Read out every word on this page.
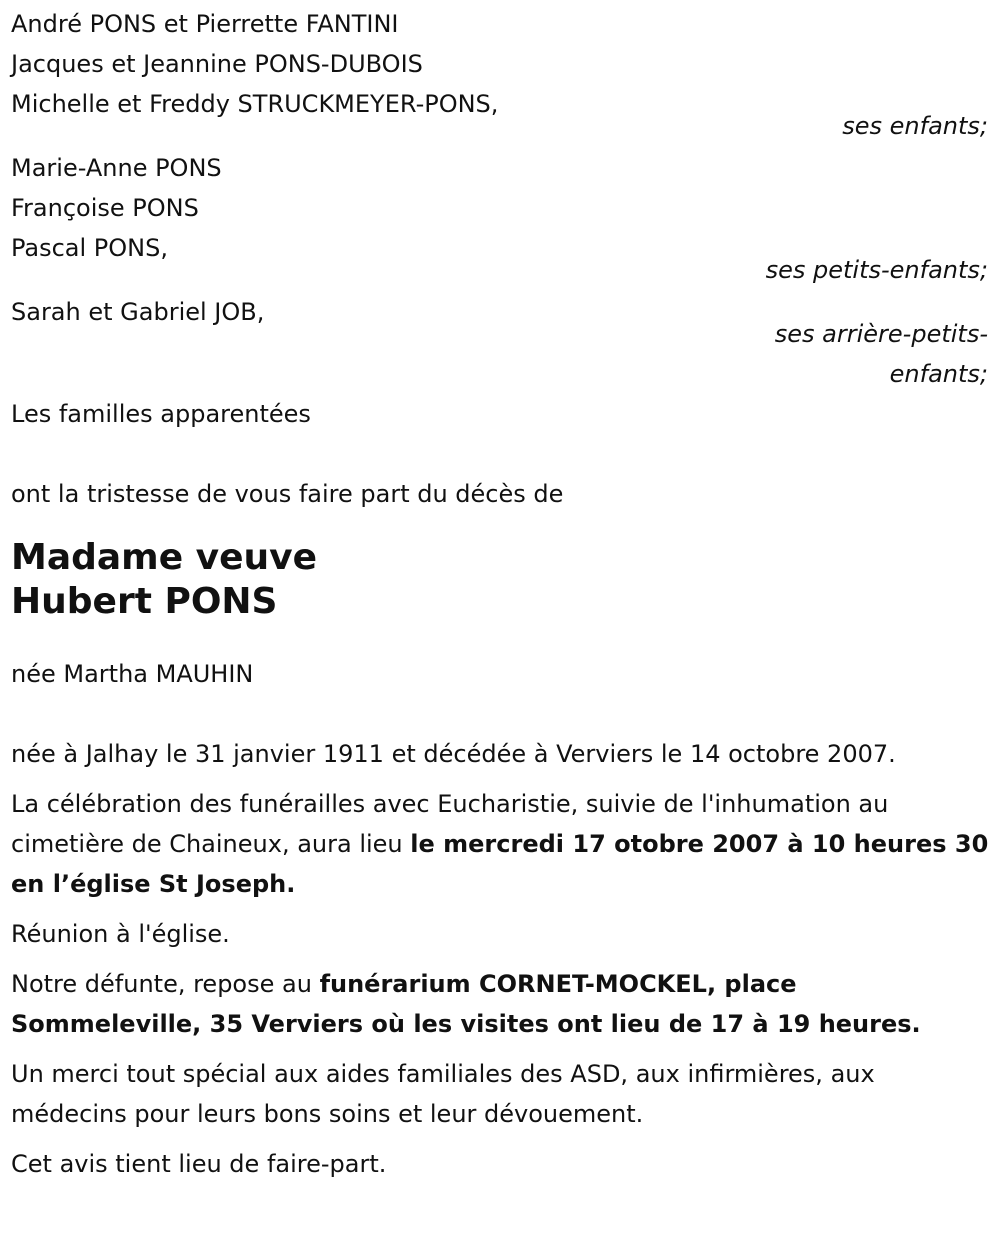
André PONS et Pierrette FANTINI
Jacques et Jeannine PONS-DUBOIS
Michelle et Freddy STRUCKMEYER-PONS,
ses enfants;
Marie-Anne PONS
Françoise PONS
Pascal PONS,
ses petits-enfants;
Sarah et Gabriel JOB,
ses arrière-petits-
enfants;
Les familles apparentées
ont la tristesse de vous faire part du décès de
Madame veuve
Hubert PONS
née Martha MAUHIN

née à Jalhay le 31 janvier 1911 et décédée à Verviers le 14 octobre 2007.

La célébration des funérailles avec Eucharistie, suivie de l'inhumation au cimetière de Chaineux, aura lieu le mercredi 17 otobre 2007 à 10 heures 30 en l’église St Joseph.

Réunion à l'église.

Notre défunte, repose au funérarium CORNET-MOCKEL, place Sommeleville, 35 Verviers où les visites ont lieu de 17 à 19 heures.

Un merci tout spécial aux aides familiales des ASD, aux infirmières, aux médecins pour leurs bons soins et leur dévouement.

Cet avis tient lieu de faire-part.
